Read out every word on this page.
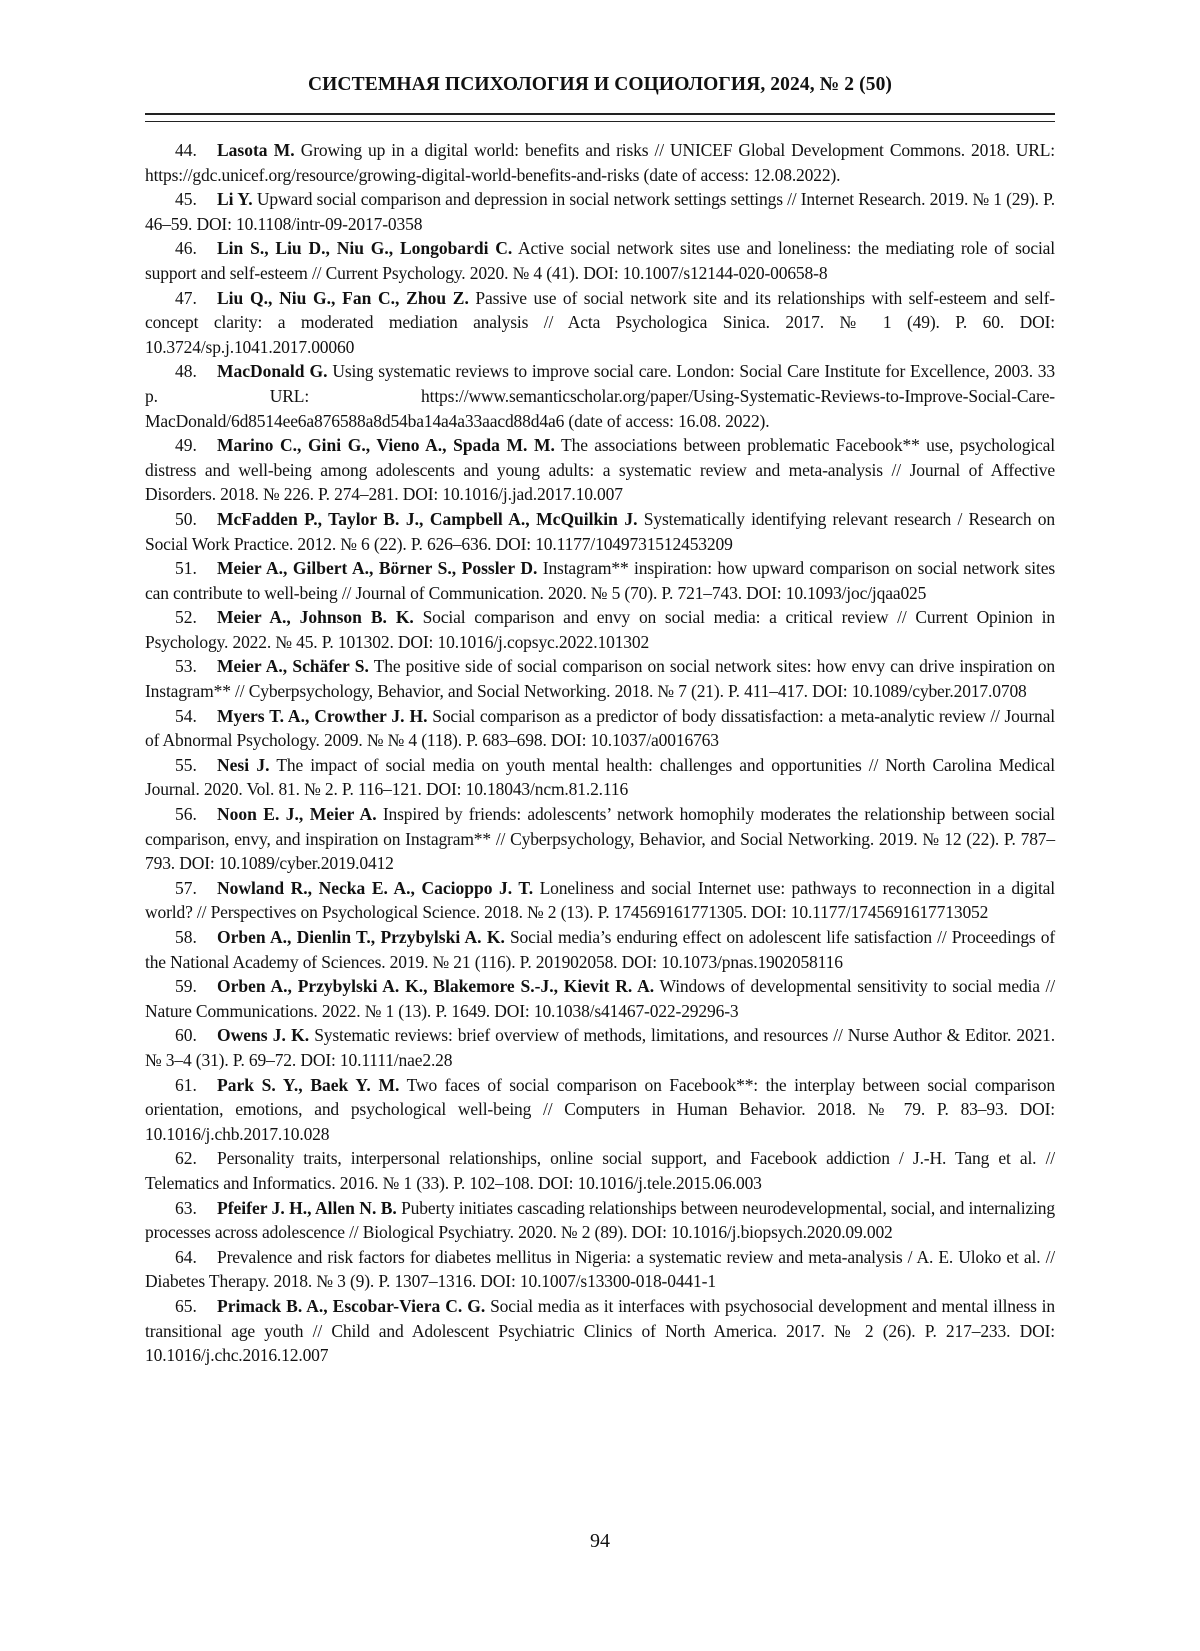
СИСТЕМНАЯ ПСИХОЛОГИЯ И СОЦИОЛОГИЯ, 2024, № 2 (50)

44. Lasota M. Growing up in a digital world: benefits and risks // UNICEF Global Development Commons. 2018. URL: https://gdc.unicef.org/resource/growing-digital-world-benefits-and-risks (date of access: 12.08.2022).

45. Li Y. Upward social comparison and depression in social network settings settings // Internet Research. 2019. № 1 (29). P. 46–59. DOI: 10.1108/intr-09-2017-0358

46. Lin S., Liu D., Niu G., Longobardi C. Active social network sites use and loneliness: the mediating role of social support and self-esteem // Current Psychology. 2020. № 4 (41). DOI: 10.1007/s12144-020-00658-8

47. Liu Q., Niu G., Fan C., Zhou Z. Passive use of social network site and its relationships with self-esteem and self-concept clarity: a moderated mediation analysis // Acta Psychologica Sinica. 2017. № 1 (49). P. 60. DOI: 10.3724/sp.j.1041.2017.00060

48. MacDonald G. Using systematic reviews to improve social care. London: Social Care Institute for Excellence, 2003. 33 p. URL: https://www.semanticscholar.org/paper/Using-Systematic-Reviews-to-Improve-Social-Care-MacDonald/6d8514ee6a876588a8d54ba14a4a33aacd88d4a6 (date of access: 16.08. 2022).

49. Marino C., Gini G., Vieno A., Spada M. M. The associations between problematic Facebook** use, psychological distress and well-being among adolescents and young adults: a systematic review and meta-analysis // Journal of Affective Disorders. 2018. № 226. P. 274–281. DOI: 10.1016/j.jad.2017.10.007

50. McFadden P., Taylor B. J., Campbell A., McQuilkin J. Systematically identifying relevant research / Research on Social Work Practice. 2012. № 6 (22). P. 626–636. DOI: 10.1177/1049731512453209

51. Meier A., Gilbert A., Börner S., Possler D. Instagram** inspiration: how upward comparison on social network sites can contribute to well-being // Journal of Communication. 2020. № 5 (70). P. 721–743. DOI: 10.1093/joc/jqaa025

52. Meier A., Johnson B. K. Social comparison and envy on social media: a critical review // Current Opinion in Psychology. 2022. № 45. P. 101302. DOI: 10.1016/j.copsyc.2022.101302

53. Meier A., Schäfer S. The positive side of social comparison on social network sites: how envy can drive inspiration on Instagram** // Cyberpsychology, Behavior, and Social Networking. 2018. № 7 (21). P. 411–417. DOI: 10.1089/cyber.2017.0708

54. Myers T. A., Crowther J. H. Social comparison as a predictor of body dissatisfaction: a meta-analytic review // Journal of Abnormal Psychology. 2009. № № 4 (118). P. 683–698. DOI: 10.1037/a0016763

55. Nesi J. The impact of social media on youth mental health: challenges and opportunities // North Carolina Medical Journal. 2020. Vol. 81. № 2. P. 116–121. DOI: 10.18043/ncm.81.2.116

56. Noon E. J., Meier A. Inspired by friends: adolescents’ network homophily moderates the relationship between social comparison, envy, and inspiration on Instagram** // Cyberpsychology, Behavior, and Social Networking. 2019. № 12 (22). P. 787–793. DOI: 10.1089/cyber.2019.0412

57. Nowland R., Necka E. A., Cacioppo J. T. Loneliness and social Internet use: pathways to reconnection in a digital world? // Perspectives on Psychological Science. 2018. № 2 (13). P. 174569161771305. DOI: 10.1177/1745691617713052

58. Orben A., Dienlin T., Przybylski A. K. Social media’s enduring effect on adolescent life satisfaction // Proceedings of the National Academy of Sciences. 2019. № 21 (116). P. 201902058. DOI: 10.1073/pnas.1902058116

59. Orben A., Przybylski A. K., Blakemore S.-J., Kievit R. A. Windows of developmental sensitivity to social media // Nature Communications. 2022. № 1 (13). P. 1649. DOI: 10.1038/s41467-022-29296-3

60. Owens J. K. Systematic reviews: brief overview of methods, limitations, and resources // Nurse Author & Editor. 2021. № 3–4 (31). P. 69–72. DOI: 10.1111/nae2.28

61. Park S. Y., Baek Y. M. Two faces of social comparison on Facebook**: the interplay between social comparison orientation, emotions, and psychological well-being // Computers in Human Behavior. 2018. № 79. P. 83–93. DOI: 10.1016/j.chb.2017.10.028

62. Personality traits, interpersonal relationships, online social support, and Facebook addiction / J.-H. Tang et al. // Telematics and Informatics. 2016. № 1 (33). P. 102–108. DOI: 10.1016/j.tele.2015.06.003

63. Pfeifer J. H., Allen N. B. Puberty initiates cascading relationships between neurodevelopmental, social, and internalizing processes across adolescence // Biological Psychiatry. 2020. № 2 (89). DOI: 10.1016/j.biopsych.2020.09.002

64. Prevalence and risk factors for diabetes mellitus in Nigeria: a systematic review and meta-analysis / A. E. Uloko et al. // Diabetes Therapy. 2018. № 3 (9). P. 1307–1316. DOI: 10.1007/s13300-018-0441-1

65. Primack B. A., Escobar-Viera C. G. Social media as it interfaces with psychosocial development and mental illness in transitional age youth // Child and Adolescent Psychiatric Clinics of North America. 2017. № 2 (26). P. 217–233. DOI: 10.1016/j.chc.2016.12.007

94
